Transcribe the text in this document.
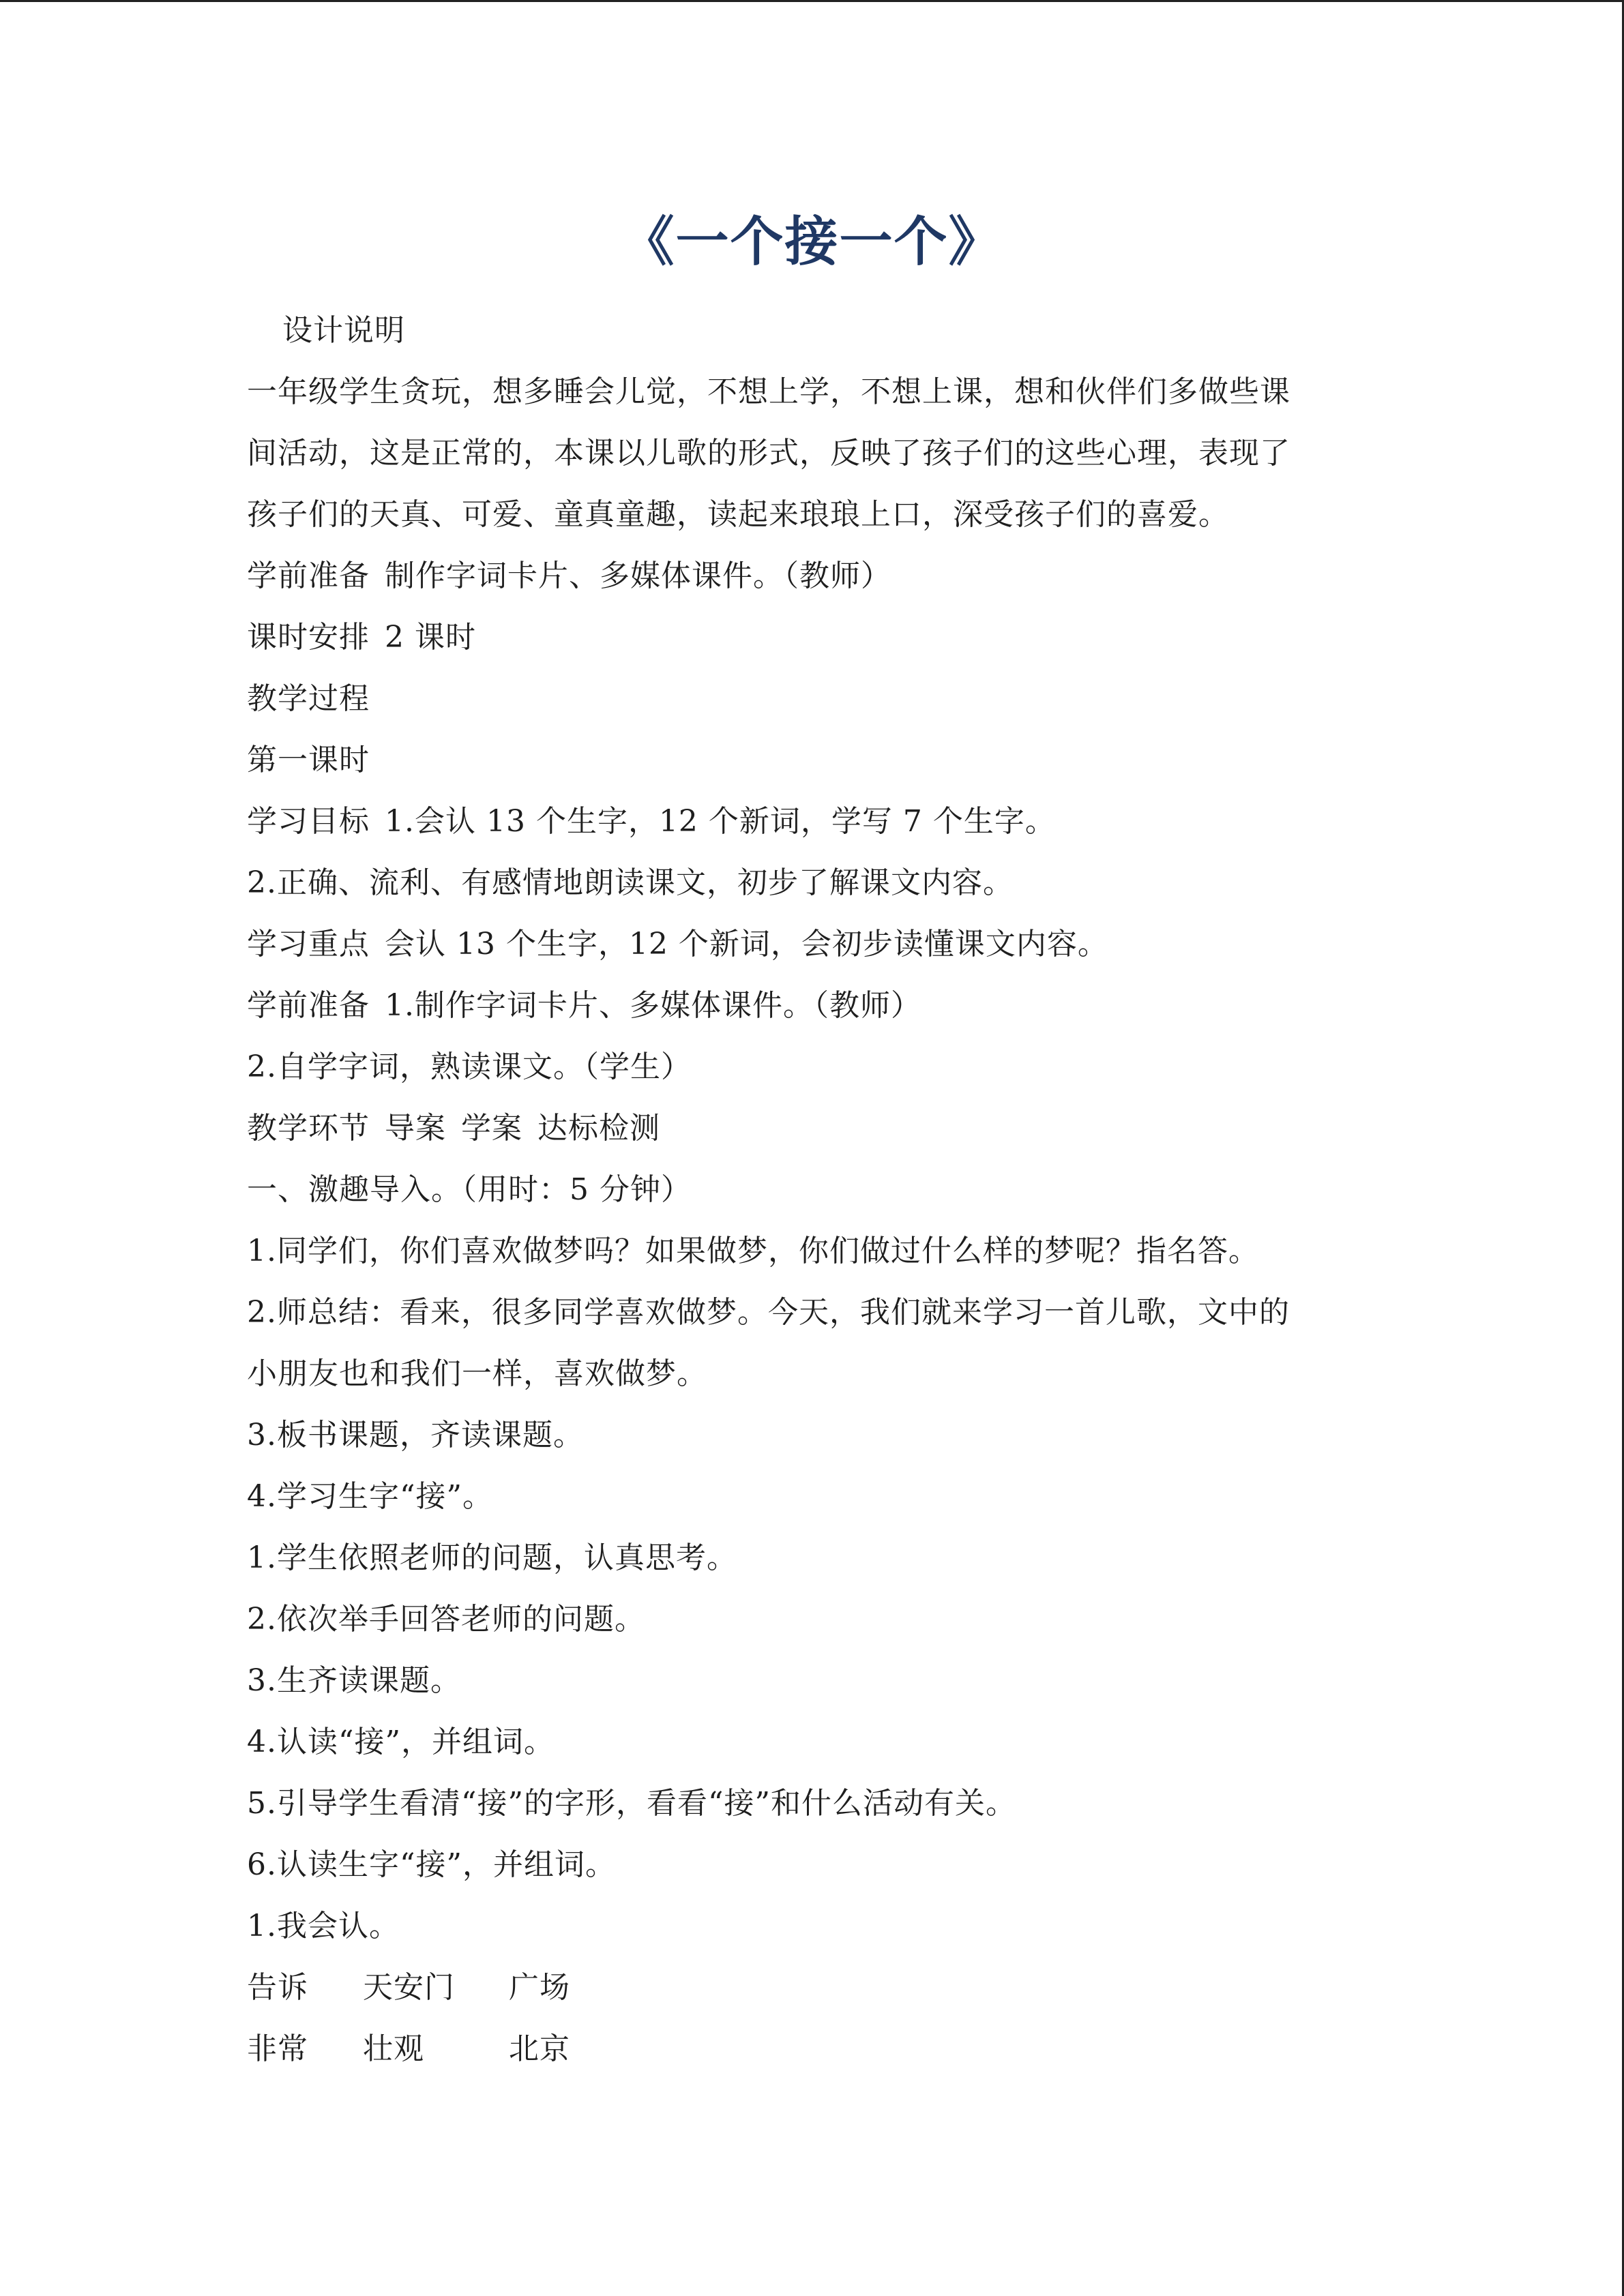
《一个接一个》
设计说明
一年级学生贪玩，想多睡会儿觉，不想上学，不想上课，想和伙伴们多做些课
间活动，这是正常的，本课以儿歌的形式，反映了孩子们的这些心理，表现了
孩子们的天真、可爱、童真童趣，读起来琅琅上口，深受孩子们的喜爱。
学前准备 制作字词卡片、多媒体课件。（教师）
课时安排 2 课时
教学过程
第一课时
学习目标 1.会认 13 个生字，12 个新词，学写 7 个生字。
2.正确、流利、有感情地朗读课文，初步了解课文内容。
学习重点 会认 13 个生字，12 个新词，会初步读懂课文内容。
学前准备 1.制作字词卡片、多媒体课件。（教师）
2.自学字词，熟读课文。（学生）
教学环节 导案 学案 达标检测
一、激趣导入。（用时：5 分钟）
1.同学们，你们喜欢做梦吗？如果做梦，你们做过什么样的梦呢？指名答。
2.师总结：看来，很多同学喜欢做梦。今天，我们就来学习一首儿歌，文中的
小朋友也和我们一样，喜欢做梦。
3.板书课题，齐读课题。
4.学习生字“接”。
1.学生依照老师的问题，认真思考。
2.依次举手回答老师的问题。
3.生齐读课题。
4.认读“接”，并组词。
5.引导学生看清“接”的字形，看看“接”和什么活动有关。
6.认读生字“接”，并组词。
1.我会认。
告诉 天安门 广场
非常 壮观	北京
